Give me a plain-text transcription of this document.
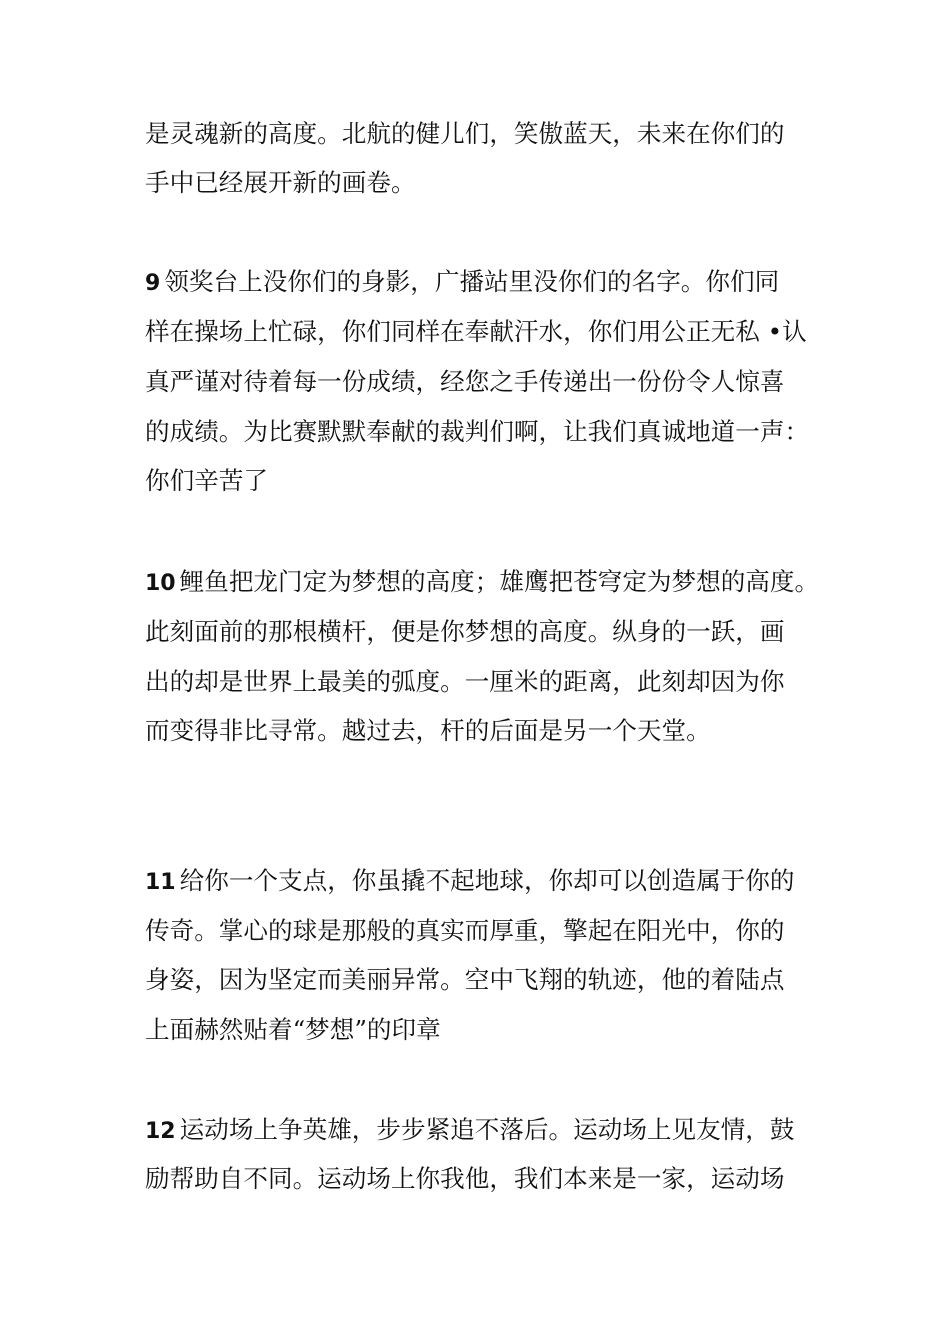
是灵魂新的高度。北航的健儿们，笑傲蓝天，未来在你们的
手中已经展开新的画卷。
9 领奖台上没你们的身影，广播站里没你们的名字。你们同
样在操场上忙碌，你们同样在奉献汗水，你们用公正无私 •认
真严谨对待着每一份成绩，经您之手传递出一份份令人惊喜
的成绩。为比赛默默奉献的裁判们啊，让我们真诚地道一声：
你们辛苦了
10 鲤鱼把龙门定为梦想的高度；雄鹰把苍穹定为梦想的高度。
此刻面前的那根横杆，便是你梦想的高度。纵身的一跃，画
出的却是世界上最美的弧度。一厘米的距离，此刻却因为你
而变得非比寻常。越过去，杆的后面是另一个天堂。
11 给你一个支点，你虽撬不起地球，你却可以创造属于你的
传奇。掌心的球是那般的真实而厚重，擎起在阳光中，你的
身姿，因为坚定而美丽异常。空中飞翔的轨迹，他的着陆点
上面赫然贴着“梦想”的印章
12 运动场上争英雄，步步紧追不落后。运动场上见友情，鼓
励帮助自不同。运动场上你我他，我们本来是一家，运动场
